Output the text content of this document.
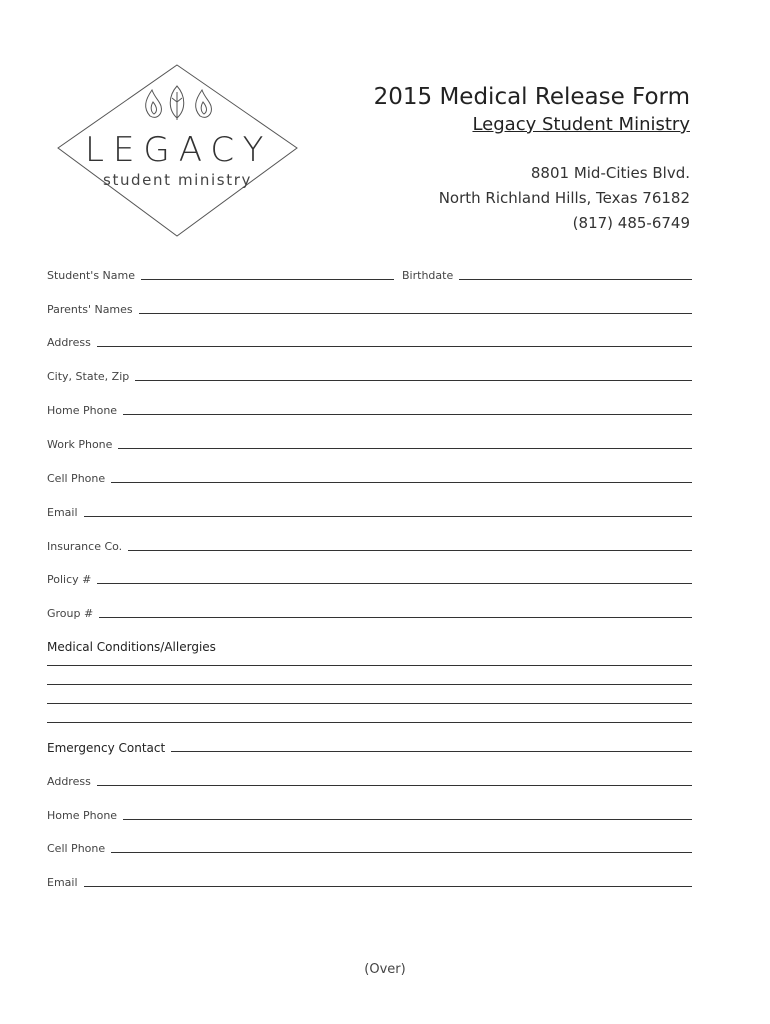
LEGACY
student ministry
2015 Medical Release Form
Legacy Student Ministry
8801 Mid-Cities Blvd.
North Richland Hills, Texas 76182
(817) 485-6749
Student's Name	Birthdate
Parents' Names
Address
City, State, Zip
Home Phone
Work Phone
Cell Phone
Email
Insurance Co.
Policy #
Group #
Medical Conditions/Allergies
Emergency Contact
Address
Home Phone
Cell Phone
Email
(Over)
